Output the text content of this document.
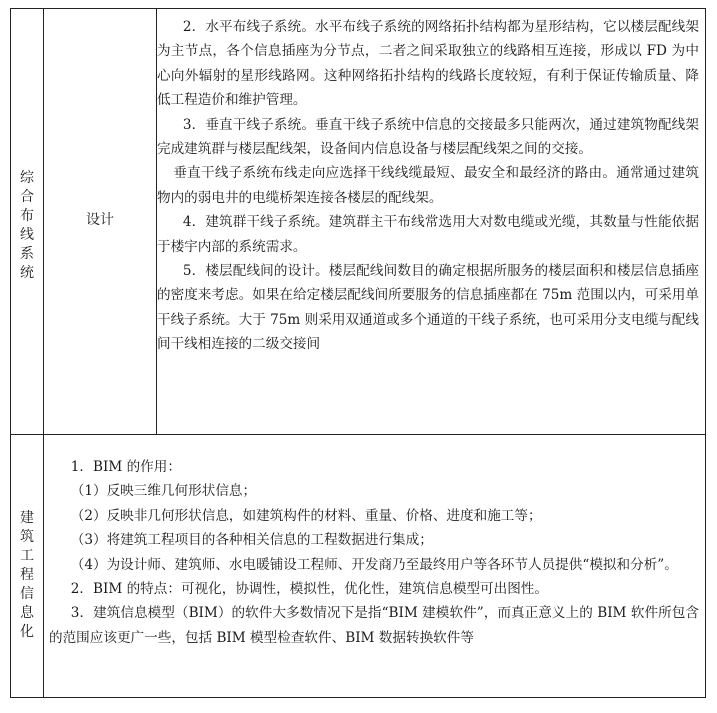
综
合
布
线
系
统
设计

2．水平布线子系统。水平布线子系统的网络拓扑结构都为星形结构，它以楼层配线架为主节点，各个信息插座为分节点，二者之间采取独立的线路相互连接，形成以 FD 为中心向外辐射的星形线路网。这种网络拓扑结构的线路长度较短，有利于保证传输质量、降低工程造价和维护管理。

3．垂直干线子系统。垂直干线子系统中信息的交接最多只能两次，通过建筑物配线架完成建筑群与楼层配线架，设备间内信息设备与楼层配线架之间的交接。

垂直干线子系统布线走向应选择干线线缆最短、最安全和最经济的路由。通常通过建筑物内的弱电井的电缆桥架连接各楼层的配线架。

4．建筑群干线子系统。建筑群主干布线常选用大对数电缆或光缆，其数量与性能依据于楼宇内部的系统需求。

5．楼层配线间的设计。楼层配线间数目的确定根据所服务的楼层面积和楼层信息插座的密度来考虑。如果在给定楼层配线间所要服务的信息插座都在 75m 范围以内，可采用单干线子系统。大于 75m 则采用双通道或多个通道的干线子系统，也可采用分支电缆与配线间干线相连接的二级交接间

建
筑
工
程
信
息
化

1．BIM 的作用：

（1）反映三维几何形状信息；

（2）反映非几何形状信息，如建筑构件的材料、重量、价格、进度和施工等；

（3）将建筑工程项目的各种相关信息的工程数据进行集成；

（4）为设计师、建筑师、水电暖铺设工程师、开发商乃至最终用户等各环节人员提供“模拟和分析”。

2．BIM 的特点：可视化，协调性，模拟性，优化性，建筑信息模型可出图性。

3．建筑信息模型（BIM）的软件大多数情况下是指“BIM 建模软件”，而真正意义上的 BIM 软件所包含的范围应该更广一些，包括 BIM 模型检查软件、BIM 数据转换软件等
